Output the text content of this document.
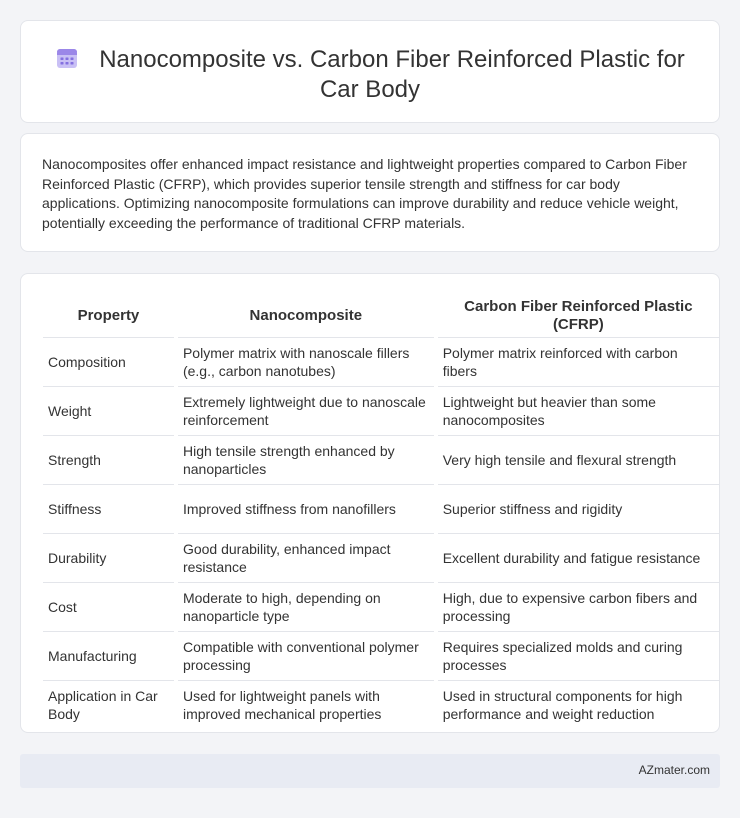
Nanocomposite vs. Carbon Fiber Reinforced Plastic for
Car Body

Nanocomposites offer enhanced impact resistance and lightweight properties compared to Carbon Fiber Reinforced Plastic (CFRP), which provides superior tensile strength and stiffness for car body applications. Optimizing nanocomposite formulations can improve durability and reduce vehicle weight, potentially exceeding the performance of traditional CFRP materials.

Property		Nanocomposite		Carbon Fiber Reinforced Plastic (CFRP)
Composition		Polymer matrix with nanoscale fillers (e.g., carbon nanotubes)		Polymer matrix reinforced with carbon fibers
Weight		Extremely lightweight due to nanoscale reinforcement		Lightweight but heavier than some nanocomposites
Strength		High tensile strength enhanced by nanoparticles		Very high tensile and flexural strength
Stiffness		Improved stiffness from nanofillers		Superior stiffness and rigidity
Durability		Good durability, enhanced impact resistance		Excellent durability and fatigue resistance
Cost		Moderate to high, depending on nanoparticle type		High, due to expensive carbon fibers and processing
Manufacturing		Compatible with conventional polymer processing		Requires specialized molds and curing processes
Application in Car Body		Used for lightweight panels with improved mechanical properties		Used in structural components for high performance and weight reduction
AZmater.com
